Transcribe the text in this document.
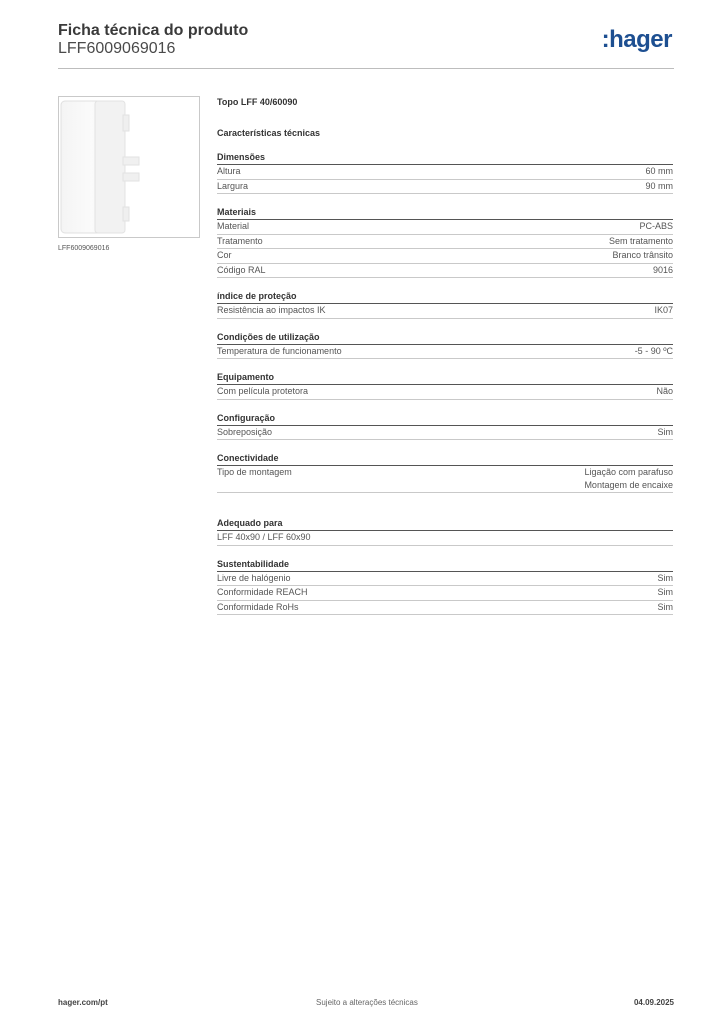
Ficha técnica do produto
LFF6009069016	:hager
LFF6009069016
Topo LFF 40/60090
Características técnicas
Dimensões
Altura	60 mm
Largura	90 mm
Materiais
Material	PC-ABS
Tratamento	Sem tratamento
Cor	Branco trânsito
Código RAL	9016
índice de proteção
Resistência ao impactos IK	IK07
Condições de utilização
Temperatura de funcionamento	-5 - 90 ºC
Equipamento
Com película protetora	Não
Configuração
Sobreposição	Sim
Conectividade
Tipo de montagem	Ligação com parafuso
Montagem de encaixe
Adequado para
LFF 40x90 / LFF 60x90
Sustentabilidade
Livre de halógenio	Sim
Conformidade REACH	Sim
Conformidade RoHs	Sim
hager.com/pt	Sujeito a alterações técnicas	04.09.2025
